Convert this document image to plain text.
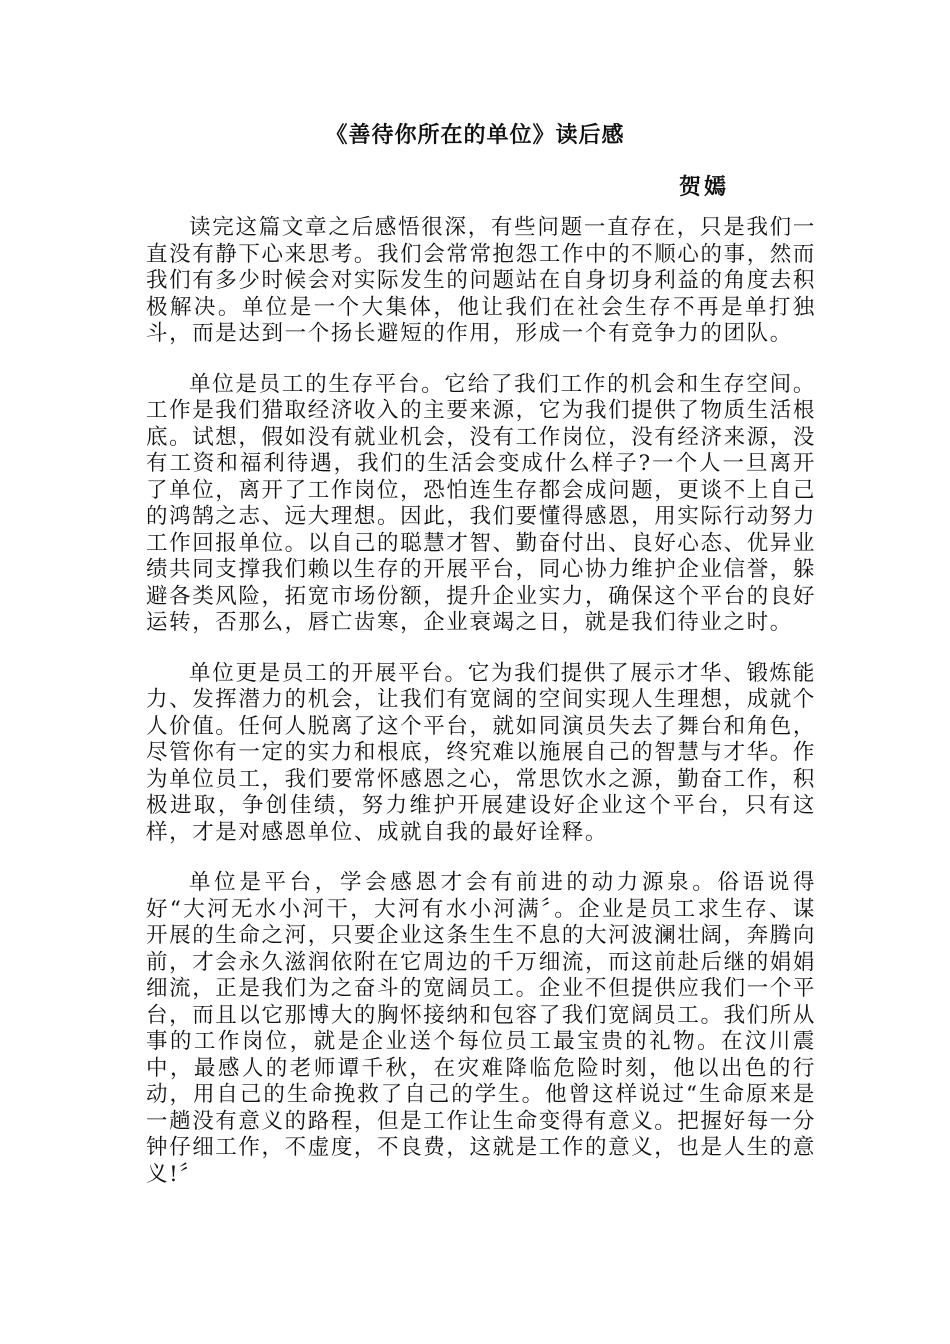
《善待你所在的单位》读后感
贺嫣

读完这篇文章之后感悟很深，有些问题一直存在，只是我们一直没有静下心来思考。我们会常常抱怨工作中的不顺心的事，然而我们有多少时候会对实际发生的问题站在自身切身利益的角度去积极解决。单位是一个大集体，他让我们在社会生存不再是单打独斗，而是达到一个扬长避短的作用，形成一个有竞争力的团队。

单位是员工的生存平台。它给了我们工作的机会和生存空间。工作是我们猎取经济收入的主要来源，它为我们提供了物质生活根底。试想，假如没有就业机会，没有工作岗位，没有经济来源，没有工资和福利待遇，我们的生活会变成什么样子?一个人一旦离开了单位，离开了工作岗位，恐怕连生存都会成问题，更谈不上自己的鸿鹄之志、远大理想。因此，我们要懂得感恩，用实际行动努力工作回报单位。以自己的聪慧才智、勤奋付出、良好心态、优异业绩共同支撑我们赖以生存的开展平台，同心协力维护企业信誉，躲避各类风险，拓宽市场份额，提升企业实力，确保这个平台的良好运转，否那么，唇亡齿寒，企业衰竭之日，就是我们待业之时。

单位更是员工的开展平台。它为我们提供了展示才华、锻炼能力、发挥潜力的机会，让我们有宽阔的空间实现人生理想，成就个人价值。任何人脱离了这个平台，就如同演员失去了舞台和角色，尽管你有一定的实力和根底，终究难以施展自己的智慧与才华。作为单位员工，我们要常怀感恩之心，常思饮水之源，勤奋工作，积极进取，争创佳绩，努力维护开展建设好企业这个平台，只有这样，才是对感恩单位、成就自我的最好诠释。

单位是平台，学会感恩才会有前进的动力源泉。俗语说得好“大河无水小河干，大河有水小河满〞。企业是员工求生存、谋开展的生命之河，只要企业这条生生不息的大河波澜壮阔，奔腾向前，才会永久滋润依附在它周边的千万细流，而这前赴后继的娟娟细流，正是我们为之奋斗的宽阔员工。企业不但提供应我们一个平台，而且以它那博大的胸怀接纳和包容了我们宽阔员工。我们所从事的工作岗位，就是企业送个每位员工最宝贵的礼物。在汶川震中，最感人的老师谭千秋，在灾难降临危险时刻，他以出色的行动，用自己的生命挽救了自己的学生。他曾这样说过“生命原来是一趟没有意义的路程，但是工作让生命变得有意义。把握好每一分钟仔细工作，不虚度，不良费，这就是工作的意义，也是人生的意义!〞
